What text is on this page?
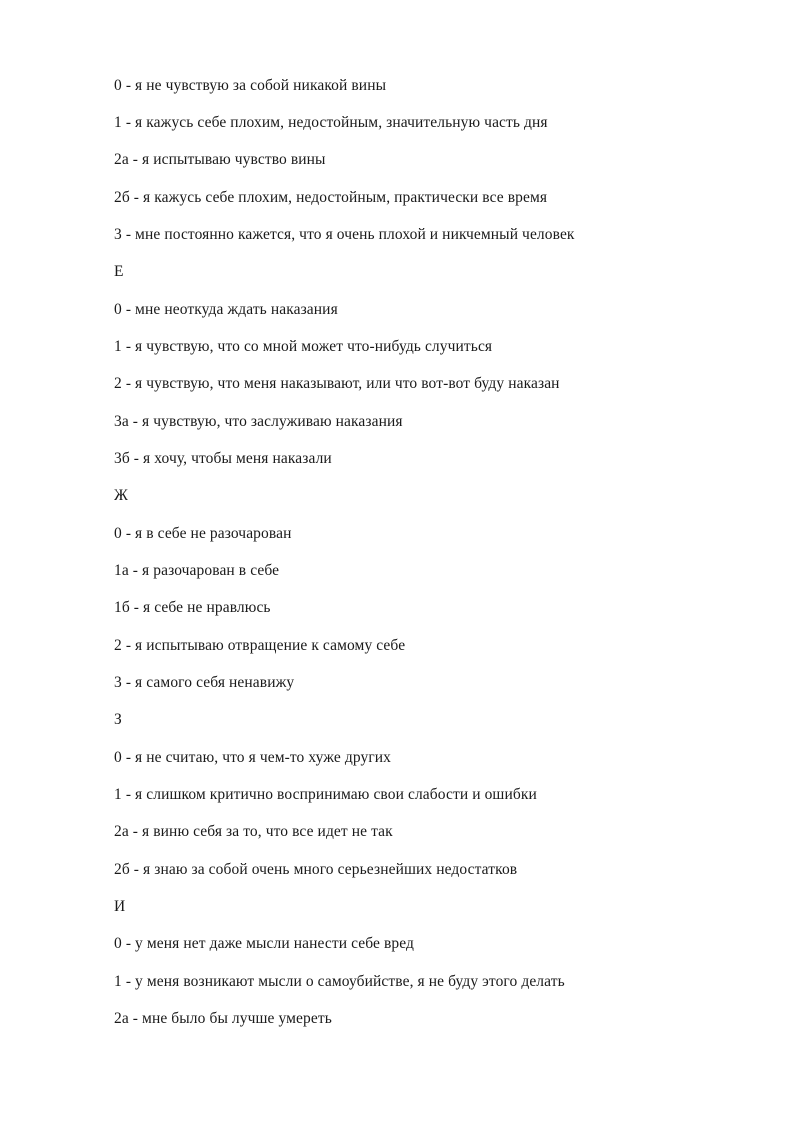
0 - я не чувствую за собой никакой вины
1 - я кажусь себе плохим, недостойным, значительную часть дня
2а - я испытываю чувство вины
2б - я кажусь себе плохим, недостойным, практически все время
3 - мне постоянно кажется, что я очень плохой и никчемный человек
Е
0 - мне неоткуда ждать наказания
1 - я чувствую, что со мной может что-нибудь случиться
2 - я чувствую, что меня наказывают, или что вот-вот буду наказан
3а - я чувствую, что заслуживаю наказания
3б - я хочу, чтобы меня наказали
Ж
0 - я в себе не разочарован
1а - я разочарован в себе
1б - я себе не нравлюсь
2 - я испытываю отвращение к самому себе
3 - я самого себя ненавижу
З
0 - я не считаю, что я чем-то хуже других
1 - я слишком критично воспринимаю свои слабости и ошибки
2а - я виню себя за то, что все идет не так
2б - я знаю за собой очень много серьезнейших недостатков
И
0 - у меня нет даже мысли нанести себе вред
1 - у меня возникают мысли о самоубийстве, я не буду этого делать
2а - мне было бы лучше умереть
